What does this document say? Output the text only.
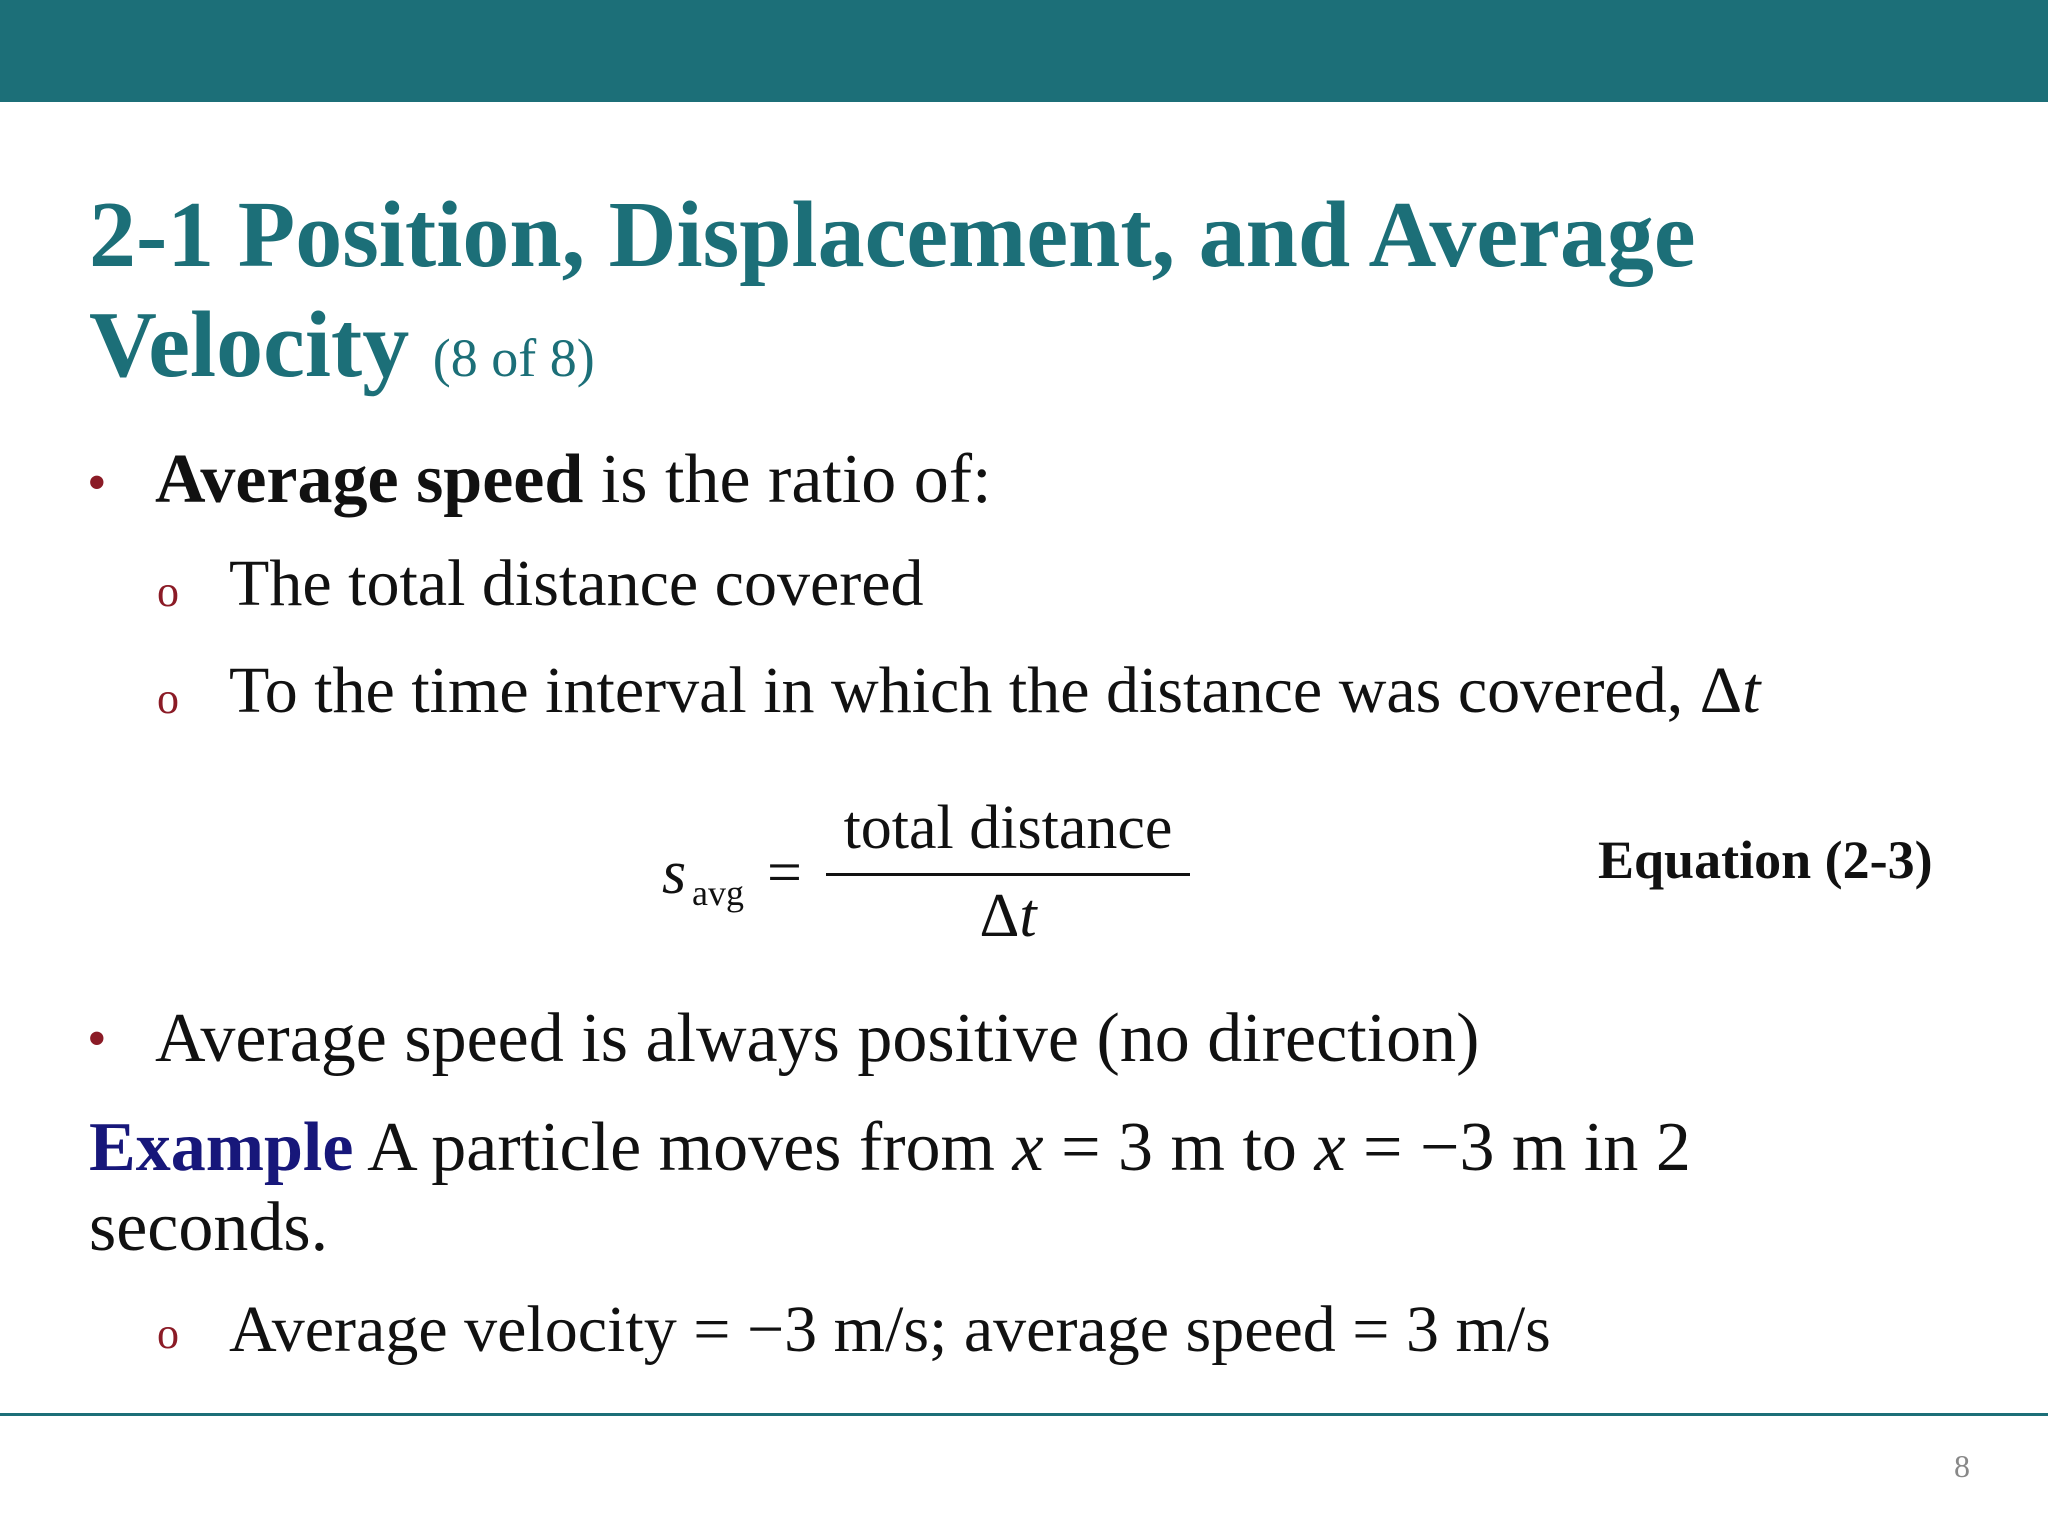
2-1 Position, Displacement, and Average Velocity (8 of 8)
• Average speed is the ratio of:
o The total distance covered
o To the time interval in which the distance was covered, Δt
s avg =
total distance
Δt
Equation (2-3)
• Average speed is always positive (no direction)
Example A particle moves from x = 3 m to x = −3 m in 2
seconds.
o Average velocity = −3 m/s; average speed = 3 m/s
8
